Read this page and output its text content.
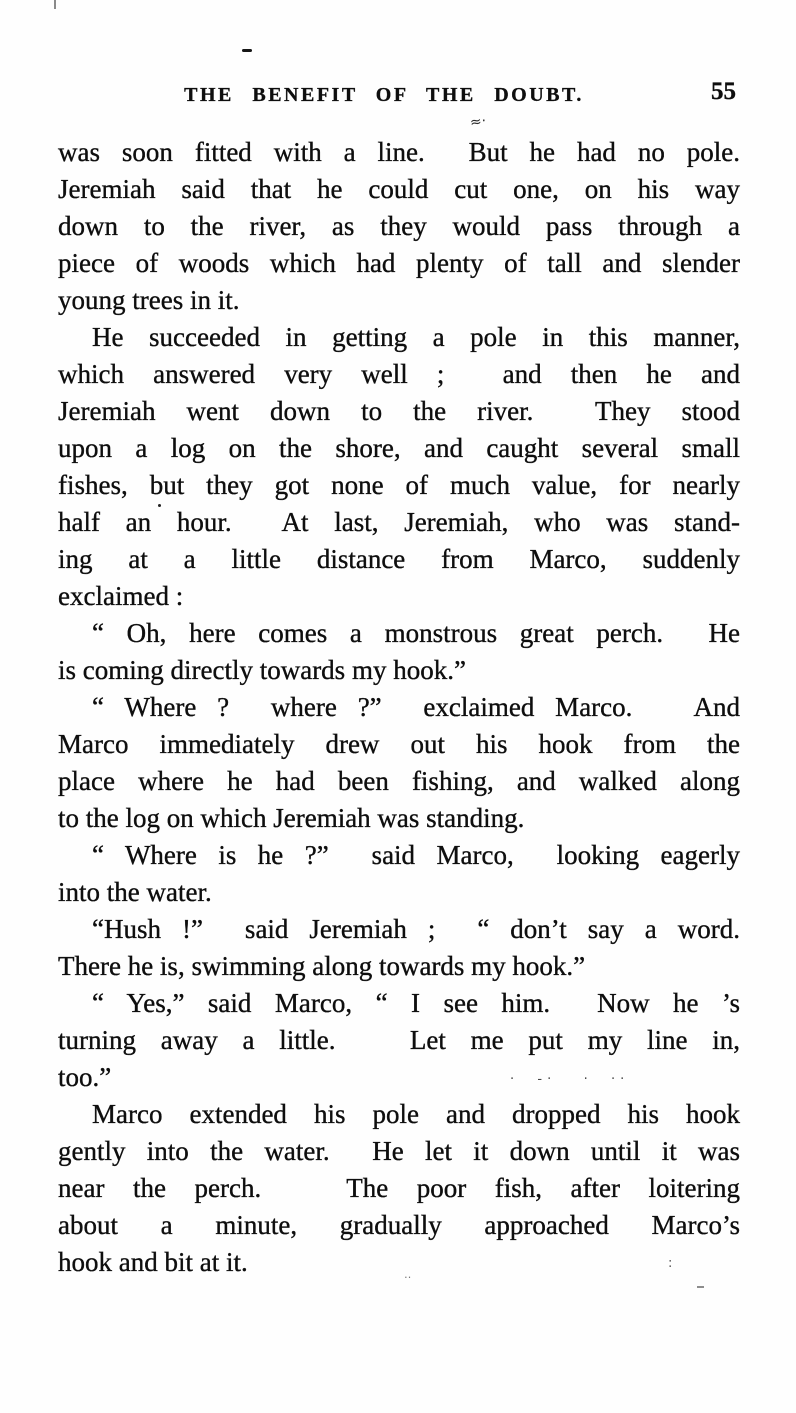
THE BENEFIT OF THE DOUBT.	55
was soon fitted with a line.  But he had no pole.
Jeremiah said that he could cut one, on his way
down to the river, as they would pass through a
piece of woods which had plenty of tall and slender
young trees in it.
He succeeded in getting a pole in this manner,
which answered very well ;  and then he and
Jeremiah went down to the river.  They stood
upon a log on the shore, and caught several small
fishes, but they got none of much value, for nearly
half an hour.  At last, Jeremiah, who was stand-
ing at a little distance from Marco, suddenly
exclaimed :
“ Oh, here comes a monstrous great perch.  He
is coming directly towards my hook.”
“ Where ?  where ?”  exclaimed Marco.   And
Marco immediately drew out his hook from the
place where he had been fishing, and walked along
to the log on which Jeremiah was standing.
“ Where is he ?”  said Marco,  looking eagerly
into the water.
“Hush !”  said Jeremiah ;  “ don’t say a word.
There he is, swimming along towards my hook.”
“ Yes,” said Marco, “ I see him.  Now he ’s
turning away a little.   Let me put my line in,
too.”
Marco extended his pole and dropped his hook
gently into the water.  He let it down until it was
near the perch.   The poor fish, after loitering
about a minute, gradually approached Marco’s
hook and bit at it.
≈·
·  ‐·​   ·  ··
‥
:
